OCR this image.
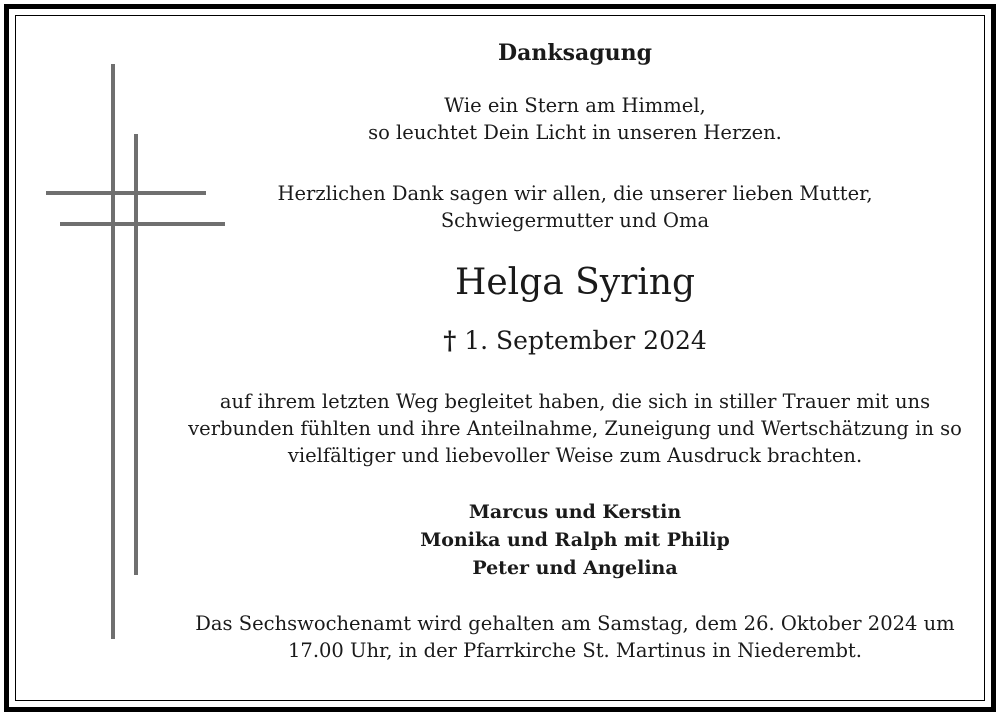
Danksagung

Wie ein Stern am Himmel,
so leuchtet Dein Licht in unseren Herzen.

Herzlichen Dank sagen wir allen, die unserer lieben Mutter,
Schwiegermutter und Oma

Helga Syring

† 1. September 2024

auf ihrem letzten Weg begleitet haben, die sich in stiller Trauer mit uns
verbunden fühlten und ihre Anteilnahme, Zuneigung und Wertschätzung in so
vielfältiger und liebevoller Weise zum Ausdruck brachten.

Marcus und Kerstin
Monika und Ralph mit Philip
Peter und Angelina

Das Sechswochenamt wird gehalten am Samstag, dem 26. Oktober 2024 um
17.00 Uhr, in der Pfarrkirche St. Martinus in Niederembt.
